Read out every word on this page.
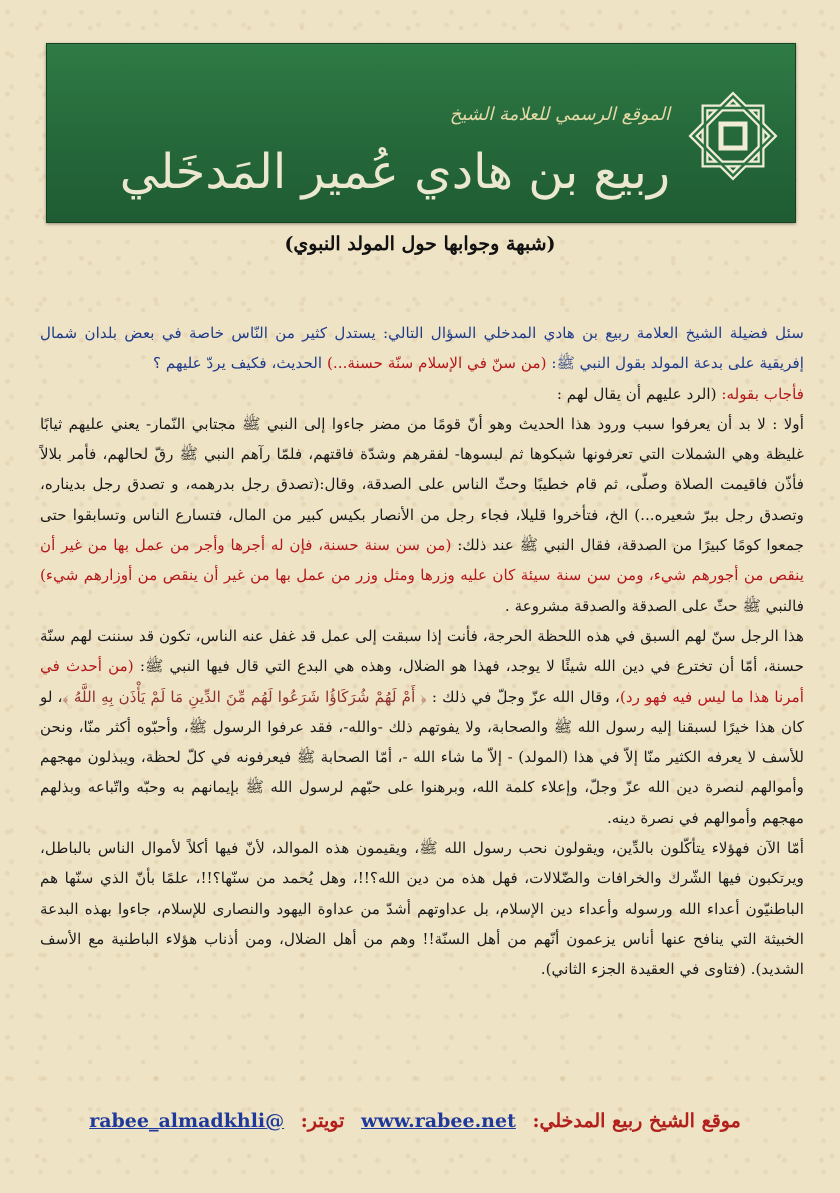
الموقع الرسمي للعلامة الشيخ
ربيع بن هادي عُمير المَدخَلي
(شبهة وجوابها حول المولد النبوي)

سئل فضيلة الشيخ العلامة ربيع بن هادي المدخلي السؤال التالي: يستدل كثير من النّاس خاصة في بعض بلدان شمال إفريقية على بدعة المولد بقول النبي ﷺ: (من سنّ في الإسلام سنّة حسنة...) الحديث، فكيف يردّ عليهم ؟

فأجاب بقوله: (الرد عليهم أن يقال لهم :

أولا : لا بد أن يعرفوا سبب ورود هذا الحديث وهو أنّ قومًا من مضر جاءوا إلى النبي ﷺ مجتابي النّمار- يعني عليهم ثيابًا غليظة وهي الشملات التي تعرفونها شبكوها ثم لبسوها- لفقرهم وشدّة فاقتهم، فلمّا رآهم النبي ﷺ رقّ لحالهم، فأمر بلالاً فأذّن فاقيمت الصلاة وصلّى، ثم قام خطيبًا وحثّ الناس على الصدقة، وقال:(تصدق رجل بدرهمه، و تصدق رجل بديناره، وتصدق رجل ببرّ شعيره...) الخ، فتأخروا قليلا، فجاء رجل من الأنصار بكيس كبير من المال، فتسارع الناس وتسابقوا حتى جمعوا كومًا كبيرًا من الصدقة، فقال النبي ﷺ عند ذلك: (من سن سنة حسنة، فإن له أجرها وأجر من عمل بها من غير أن ينقص من أجورهم شيء، ومن سن سنة سيئة كان عليه وزرها ومثل وزر من عمل بها من غير أن ينقص من أوزارهم شيء) فالنبي ﷺ حثّ على الصدقة والصدقة مشروعة .

هذا الرجل سنّ لهم السبق في هذه اللحظة الحرجة، فأنت إذا سبقت إلى عمل قد غفل عنه الناس، تكون قد سننت لهم سنّة حسنة، أمّا أن تخترع في دين الله شيئًا لا يوجد، فهذا هو الضلال، وهذه هي البدع التي قال فيها النبي ﷺ: (من أحدث في أمرنا هذا ما ليس فيه فهو رد)، وقال الله عزّ وجلّ في ذلك : ﴿ أَمْ لَهُمْ شُرَكَاؤُا شَرَعُوا لَهُم مِّنَ الدِّينِ مَا لَمْ يَأْذَن بِهِ اللَّهُ ﴾، لو كان هذا خيرًا لسبقنا إليه رسول الله ﷺ والصحابة، ولا يفوتهم ذلك -والله-، فقد عرفوا الرسول ﷺ، وأحبّوه أكثر منّا، ونحن للأسف لا يعرفه الكثير منّا إلاّ في هذا (المولد) - إلاّ ما شاء الله -، أمّا الصحابة ﷺ فيعرفونه في كلّ لحظة، ويبذلون مهجهم وأموالهم لنصرة دين الله عزّ وجلّ، وإعلاء كلمة الله، وبرهنوا على حبّهم لرسول الله ﷺ بإيمانهم به وحبّه واتّباعه وبذلهم مهجهم وأموالهم في نصرة دينه.

أمّا الآن فهؤلاء يتأكّلون بالدِّين، ويقولون نحب رسول الله ﷺ، ويقيمون هذه الموالد، لأنّ فيها أكلاً لأموال الناس بالباطل، ويرتكبون فيها الشّرك والخرافات والضّلالات، فهل هذه من دين الله؟!!، وهل يُحمد من سنّها؟!!، علمًا بأنّ الذي سنّها هم الباطنيّون أعداء الله ورسوله وأعداء دين الإسلام، بل عداوتهم أشدّ من عداوة اليهود والنصارى للإسلام، جاءوا بهذه البدعة الخبيثة التي ينافح عنها أناس يزعمون أنّهم من أهل السنّة!! وهم من أهل الضلال، ومن أذناب هؤلاء الباطنية مع الأسف الشديد). (فتاوى في العقيدة الجزء الثاني).

موقع الشيخ ربيع المدخلي: www.rabee.net تويتر: @rabee_almadkhli
